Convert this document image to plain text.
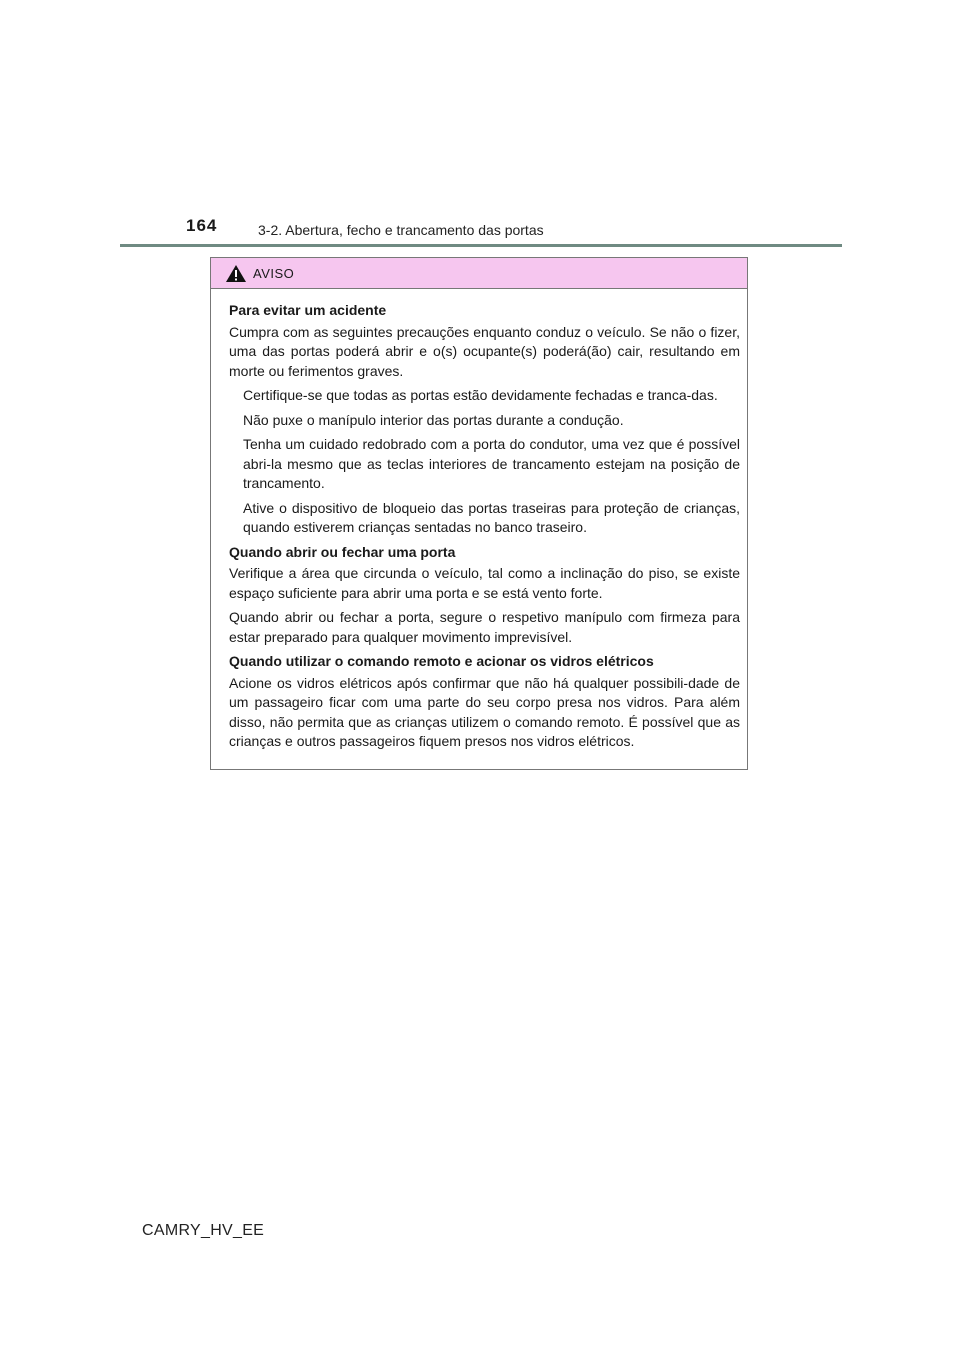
164	3-2. Abertura, fecho e trancamento das portas
AVISO
Para evitar um acidente
Cumpra com as seguintes precauções enquanto conduz o veículo. Se não o fizer, uma das portas poderá abrir e o(s) ocupante(s) poderá(ão) cair, resultando em morte ou ferimentos graves.
Certifique-se que todas as portas estão devidamente fechadas e tranca-das.
Não puxe o manípulo interior das portas durante a condução.
Tenha um cuidado redobrado com a porta do condutor, uma vez que é possível abri-la mesmo que as teclas interiores de trancamento estejam na posição de trancamento.
Ative o dispositivo de bloqueio das portas traseiras para proteção de crianças, quando estiverem crianças sentadas no banco traseiro.
Quando abrir ou fechar uma porta
Verifique a área que circunda o veículo, tal como a inclinação do piso, se existe espaço suficiente para abrir uma porta e se está vento forte.
Quando abrir ou fechar a porta, segure o respetivo manípulo com firmeza para estar preparado para qualquer movimento imprevisível.
Quando utilizar o comando remoto e acionar os vidros elétricos
Acione os vidros elétricos após confirmar que não há qualquer possibili-dade de um passageiro ficar com uma parte do seu corpo presa nos vidros. Para além disso, não permita que as crianças utilizem o comando remoto. É possível que as crianças e outros passageiros fiquem presos nos vidros elétricos.
CAMRY_HV_EE
